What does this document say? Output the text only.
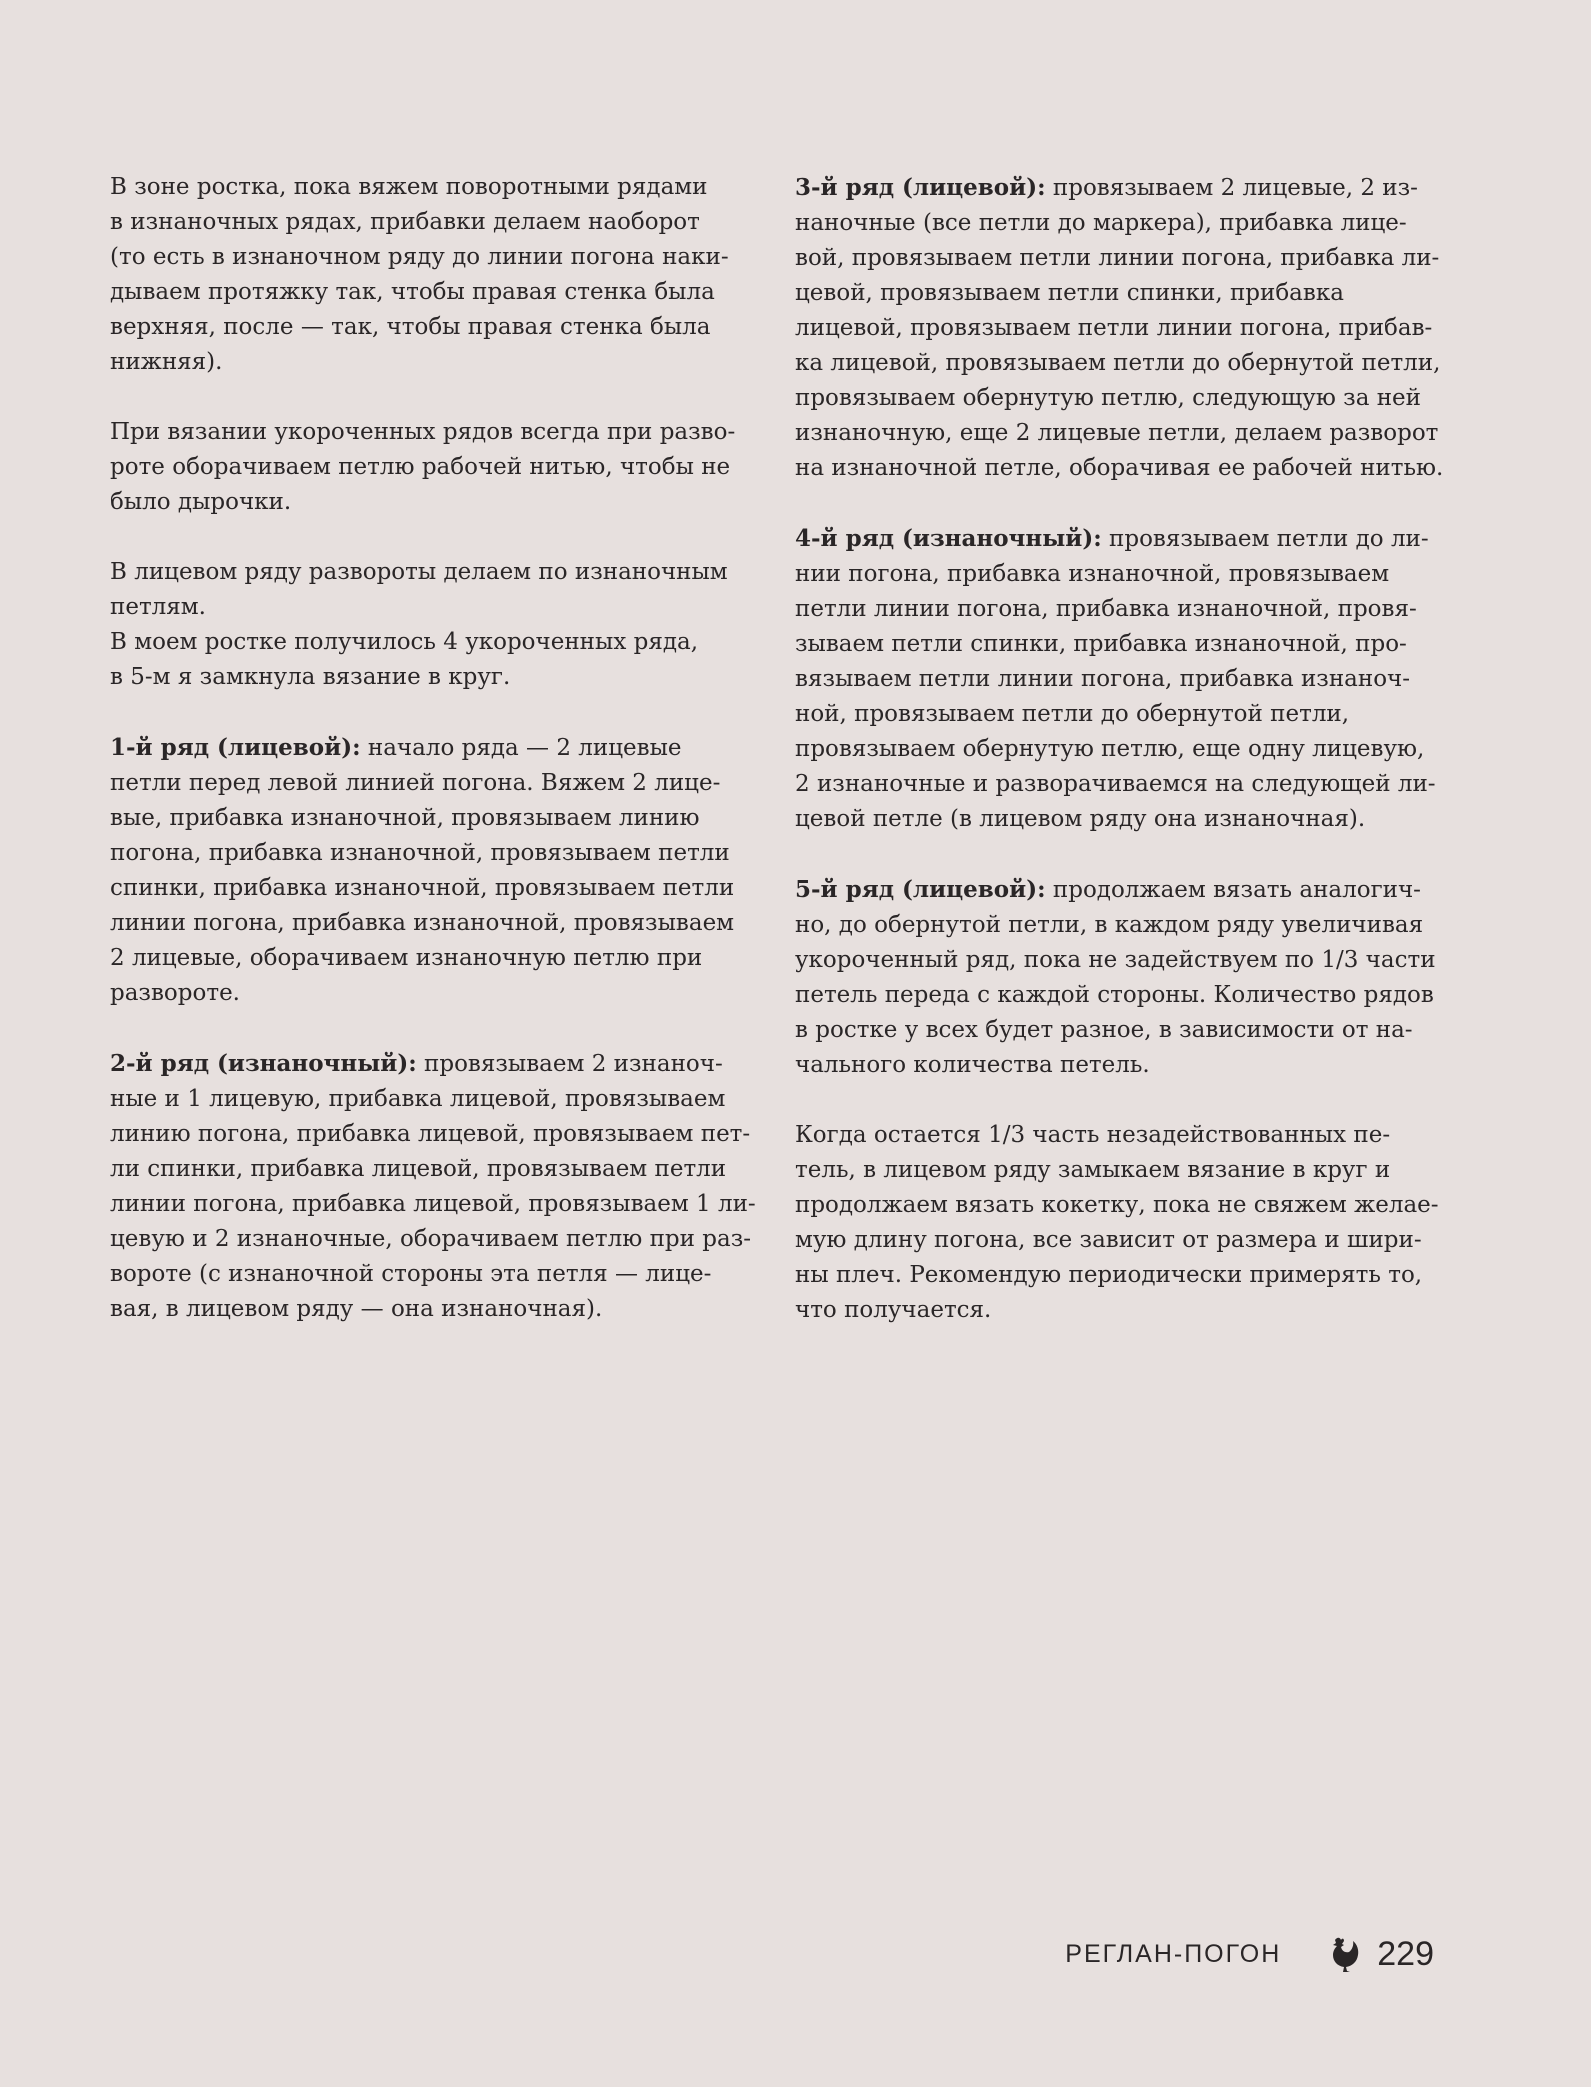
В зоне ростка, пока вяжем поворотными рядами
в изнаночных рядах, прибавки делаем наоборот
(то есть в изнаночном ряду до линии погона наки-
дываем протяжку так, чтобы правая стенка была
верхняя, после — так, чтобы правая стенка была
нижняя).
При вязании укороченных рядов всегда при разво-
роте оборачиваем петлю рабочей нитью, чтобы не
было дырочки.
В лицевом ряду развороты делаем по изнаночным
петлям.
В моем ростке получилось 4 укороченных ряда,
в 5-м я замкнула вязание в круг.
1-й ряд (лицевой): начало ряда — 2 лицевые
петли перед левой линией погона. Вяжем 2 лице-
вые, прибавка изнаночной, провязываем линию
погона, прибавка изнаночной, провязываем петли
спинки, прибавка изнаночной, провязываем петли
линии погона, прибавка изнаночной, провязываем
2 лицевые, оборачиваем изнаночную петлю при
развороте.
2-й ряд (изнаночный): провязываем 2 изнаноч-
ные и 1 лицевую, прибавка лицевой, провязываем
линию погона, прибавка лицевой, провязываем пет-
ли спинки, прибавка лицевой, провязываем петли
линии погона, прибавка лицевой, провязываем 1 ли-
цевую и 2 изнаночные, оборачиваем петлю при раз-
вороте (с изнаночной стороны эта петля — лице-
вая, в лицевом ряду — она изнаночная).
3-й ряд (лицевой): провязываем 2 лицевые, 2 из-
наночные (все петли до маркера), прибавка лице-
вой, провязываем петли линии погона, прибавка ли-
цевой, провязываем петли спинки, прибавка
лицевой, провязываем петли линии погона, прибав-
ка лицевой, провязываем петли до обернутой петли,
провязываем обернутую петлю, следующую за ней
изнаночную, еще 2 лицевые петли, делаем разворот
на изнаночной петле, оборачивая ее рабочей нитью.
4-й ряд (изнаночный): провязываем петли до ли-
нии погона, прибавка изнаночной, провязываем
петли линии погона, прибавка изнаночной, провя-
зываем петли спинки, прибавка изнаночной, про-
вязываем петли линии погона, прибавка изнаноч-
ной, провязываем петли до обернутой петли,
провязываем обернутую петлю, еще одну лицевую,
2 изнаночные и разворачиваемся на следующей ли-
цевой петле (в лицевом ряду она изнаночная).
5-й ряд (лицевой): продолжаем вязать аналогич-
но, до обернутой петли, в каждом ряду увеличивая
укороченный ряд, пока не задействуем по 1/3 части
петель переда с каждой стороны. Количество рядов
в ростке у всех будет разное, в зависимости от на-
чального количества петель.
Когда остается 1/3 часть незадействованных пе-
тель, в лицевом ряду замыкаем вязание в круг и
продолжаем вязать кокетку, пока не свяжем желае-
мую длину погона, все зависит от размера и шири-
ны плеч. Рекомендую периодически примерять то,
что получается.
РЕГЛАН-ПОГОН	229
